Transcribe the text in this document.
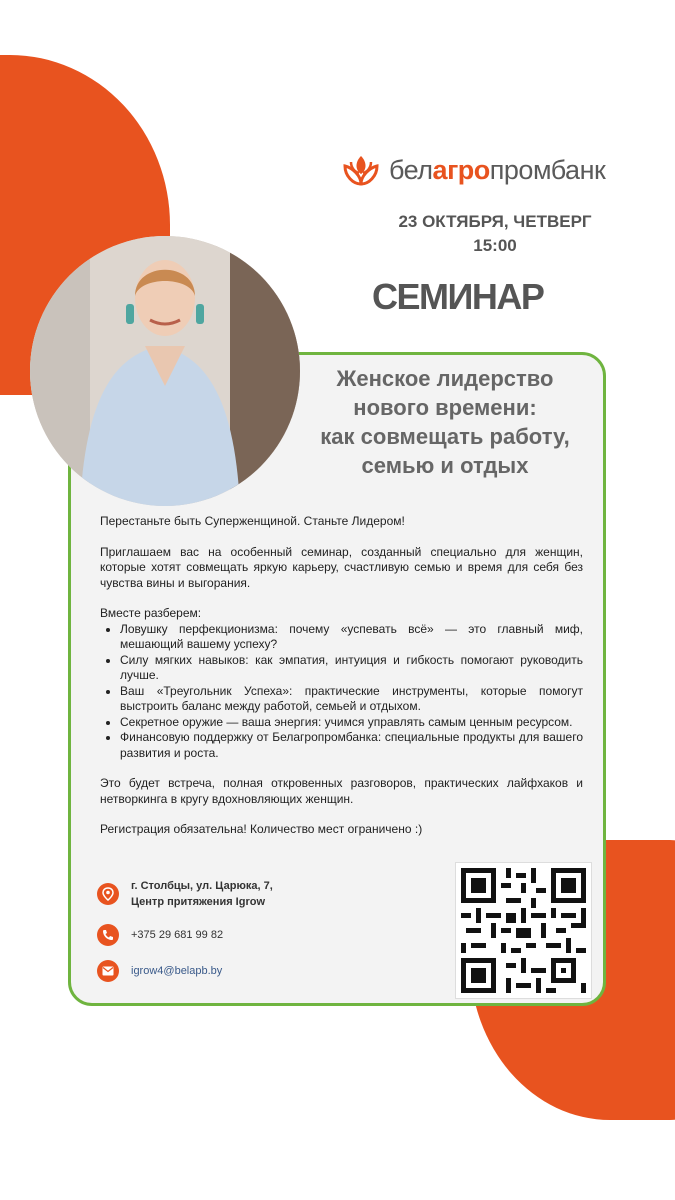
белагропромбанк
23 ОКТЯБРЯ, ЧЕТВЕРГ
15:00
СЕМИНАР
Женское лидерство
нового времени:
как совмещать работу,
семью и отдых

Перестаньте быть Суперженщиной. Станьте Лидером!

Приглашаем вас на особенный семинар, созданный специально для женщин, которые хотят совмещать яркую карьеру, счастливую семью и время для себя без чувства вины и выгорания.

Вместе разберем:

• Ловушку перфекционизма: почему «успевать всё» — это главный миф, мешающий вашему успеху?
• Силу мягких навыков: как эмпатия, интуиция и гибкость помогают руководить лучше.
• Ваш «Треугольник Успеха»: практические инструменты, которые помогут выстроить баланс между работой, семьей и отдыхом.
• Секретное оружие — ваша энергия: учимся управлять самым ценным ресурсом.
• Финансовую поддержку от Белагропромбанка: специальные продукты для вашего развития и роста.

Это будет встреча, полная откровенных разговоров, практических лайфхаков и нетворкинга в кругу вдохновляющих женщин.

Регистрация обязательна! Количество мест ограничено :)

г. Столбцы, ул. Царюка, 7,
Центр притяжения Igrow
+375 29 681 99 82
igrow4@belapb.by
